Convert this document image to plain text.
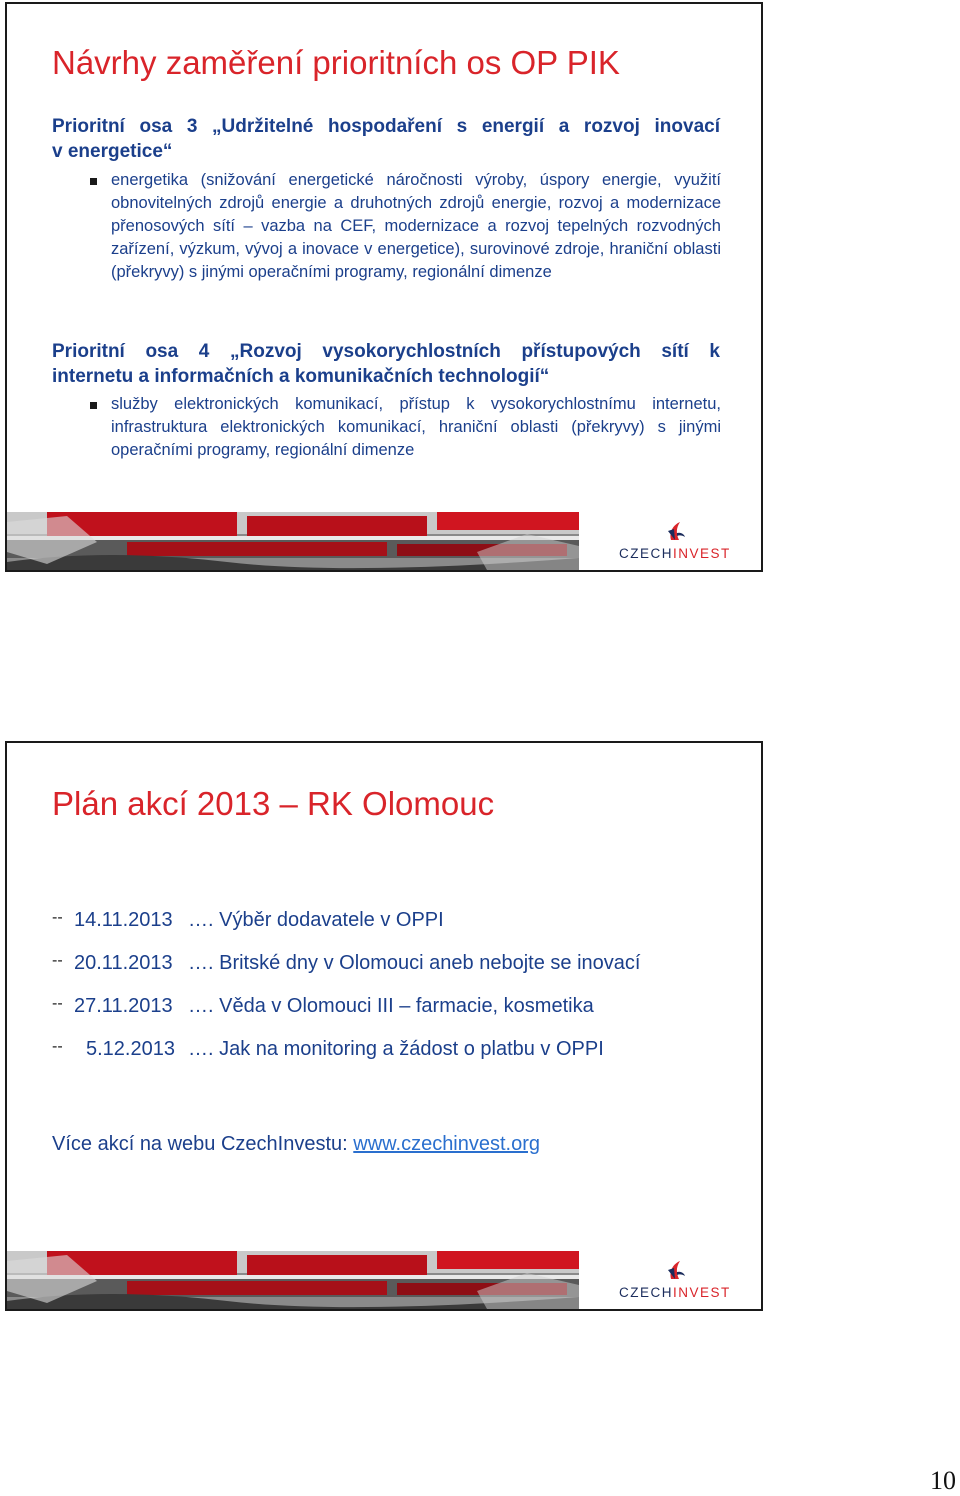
Návrhy zaměření prioritních os OP PIK
Prioritní osa 3 „Udržitelné hospodaření s energií a rozvoj inovací
v energetice“
energetika (snižování energetické náročnosti výroby, úspory energie, využití obnovitelných zdrojů energie a druhotných zdrojů energie, rozvoj a modernizace přenosových sítí – vazba na CEF, modernizace a rozvoj tepelných rozvodných zařízení, výzkum, vývoj a inovace v energetice), surovinové zdroje, hraniční oblasti (překryvy) s jinými operačními programy, regionální dimenze
Prioritní osa 4 „Rozvoj vysokorychlostních přístupových sítí k
internetu a informačních a komunikačních technologií“
služby elektronických komunikací, přístup k vysokorychlostnímu internetu, infrastruktura elektronických komunikací, hraniční oblasti (překryvy) s jinými operačními programy, regionální dimenze
CZECHINVEST
Plán akcí 2013 – RK Olomouc
-- 14.11.2013 …. Výběr dodavatele v OPPI
-- 20.11.2013 …. Britské dny v Olomouci aneb nebojte se inovací
-- 27.11.2013 …. Věda v Olomouci III – farmacie, kosmetika
-- 5.12.2013 …. Jak na monitoring a žádost o platbu v OPPI
Více akcí na webu CzechInvestu: www.czechinvest.org
CZECHINVEST
10
